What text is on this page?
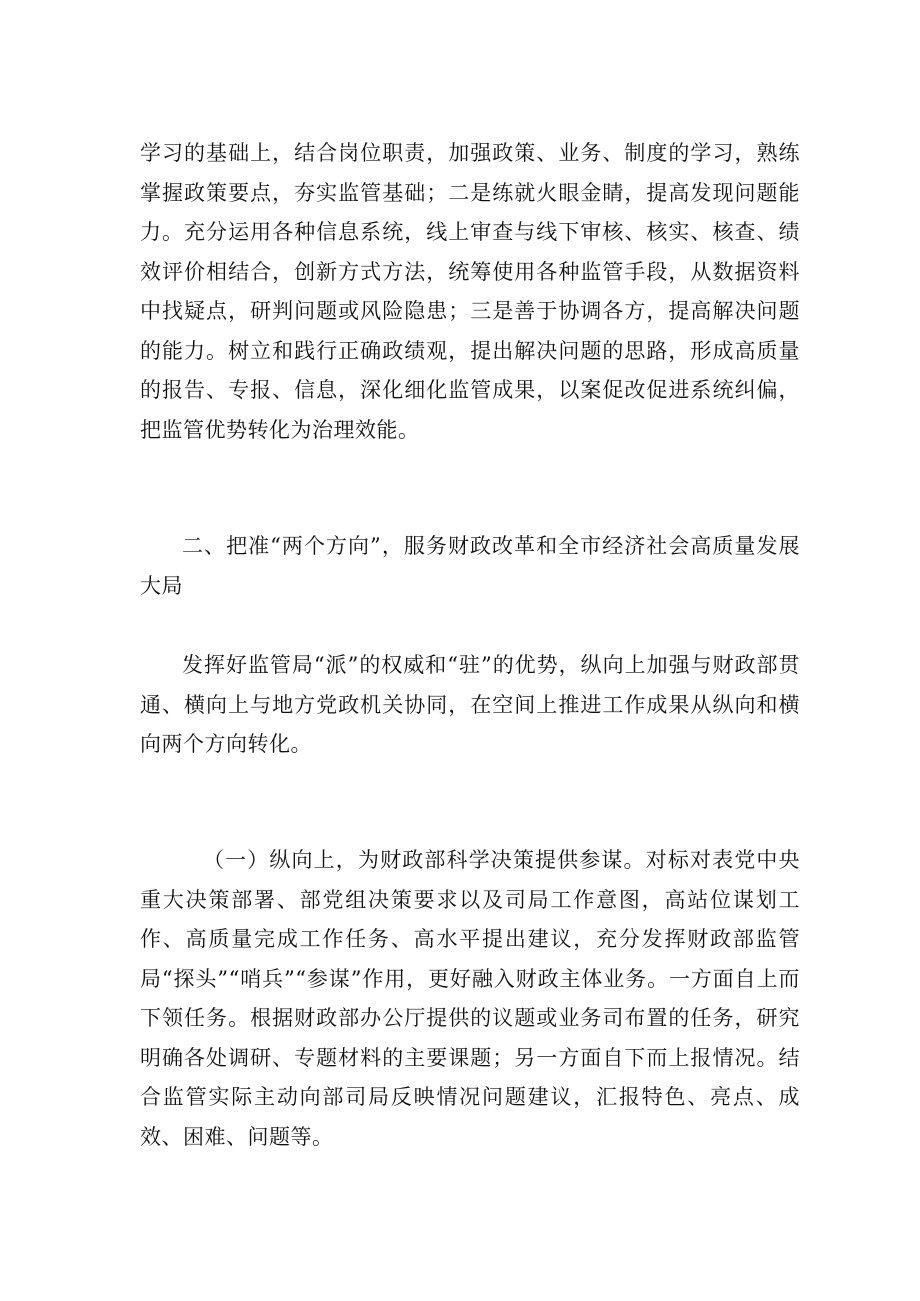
学习的基础上，结合岗位职责，加强政策、业务、制度的学习，熟练掌握政策要点，夯实监管基础；二是练就火眼金睛，提高发现问题能力。充分运用各种信息系统，线上审查与线下审核、核实、核查、绩效评价相结合，创新方式方法，统筹使用各种监管手段，从数据资料中找疑点，研判问题或风险隐患；三是善于协调各方，提高解决问题的能力。树立和践行正确政绩观，提出解决问题的思路，形成高质量的报告、专报、信息，深化细化监管成果，以案促改促进系统纠偏，把监管优势转化为治理效能。

二、把准“两个方向”，服务财政改革和全市经济社会高质量发展大局

发挥好监管局“派”的权威和“驻”的优势，纵向上加强与财政部贯通、横向上与地方党政机关协同，在空间上推进工作成果从纵向和横向两个方向转化。

（一）纵向上，为财政部科学决策提供参谋。对标对表党中央重大决策部署、部党组决策要求以及司局工作意图，高站位谋划工作、高质量完成工作任务、高水平提出建议，充分发挥财政部监管局“探头”“哨兵”“参谋”作用，更好融入财政主体业务。一方面自上而下领任务。根据财政部办公厅提供的议题或业务司布置的任务，研究明确各处调研、专题材料的主要课题；另一方面自下而上报情况。结合监管实际主动向部司局反映情况问题建议，汇报特色、亮点、成效、困难、问题等。
